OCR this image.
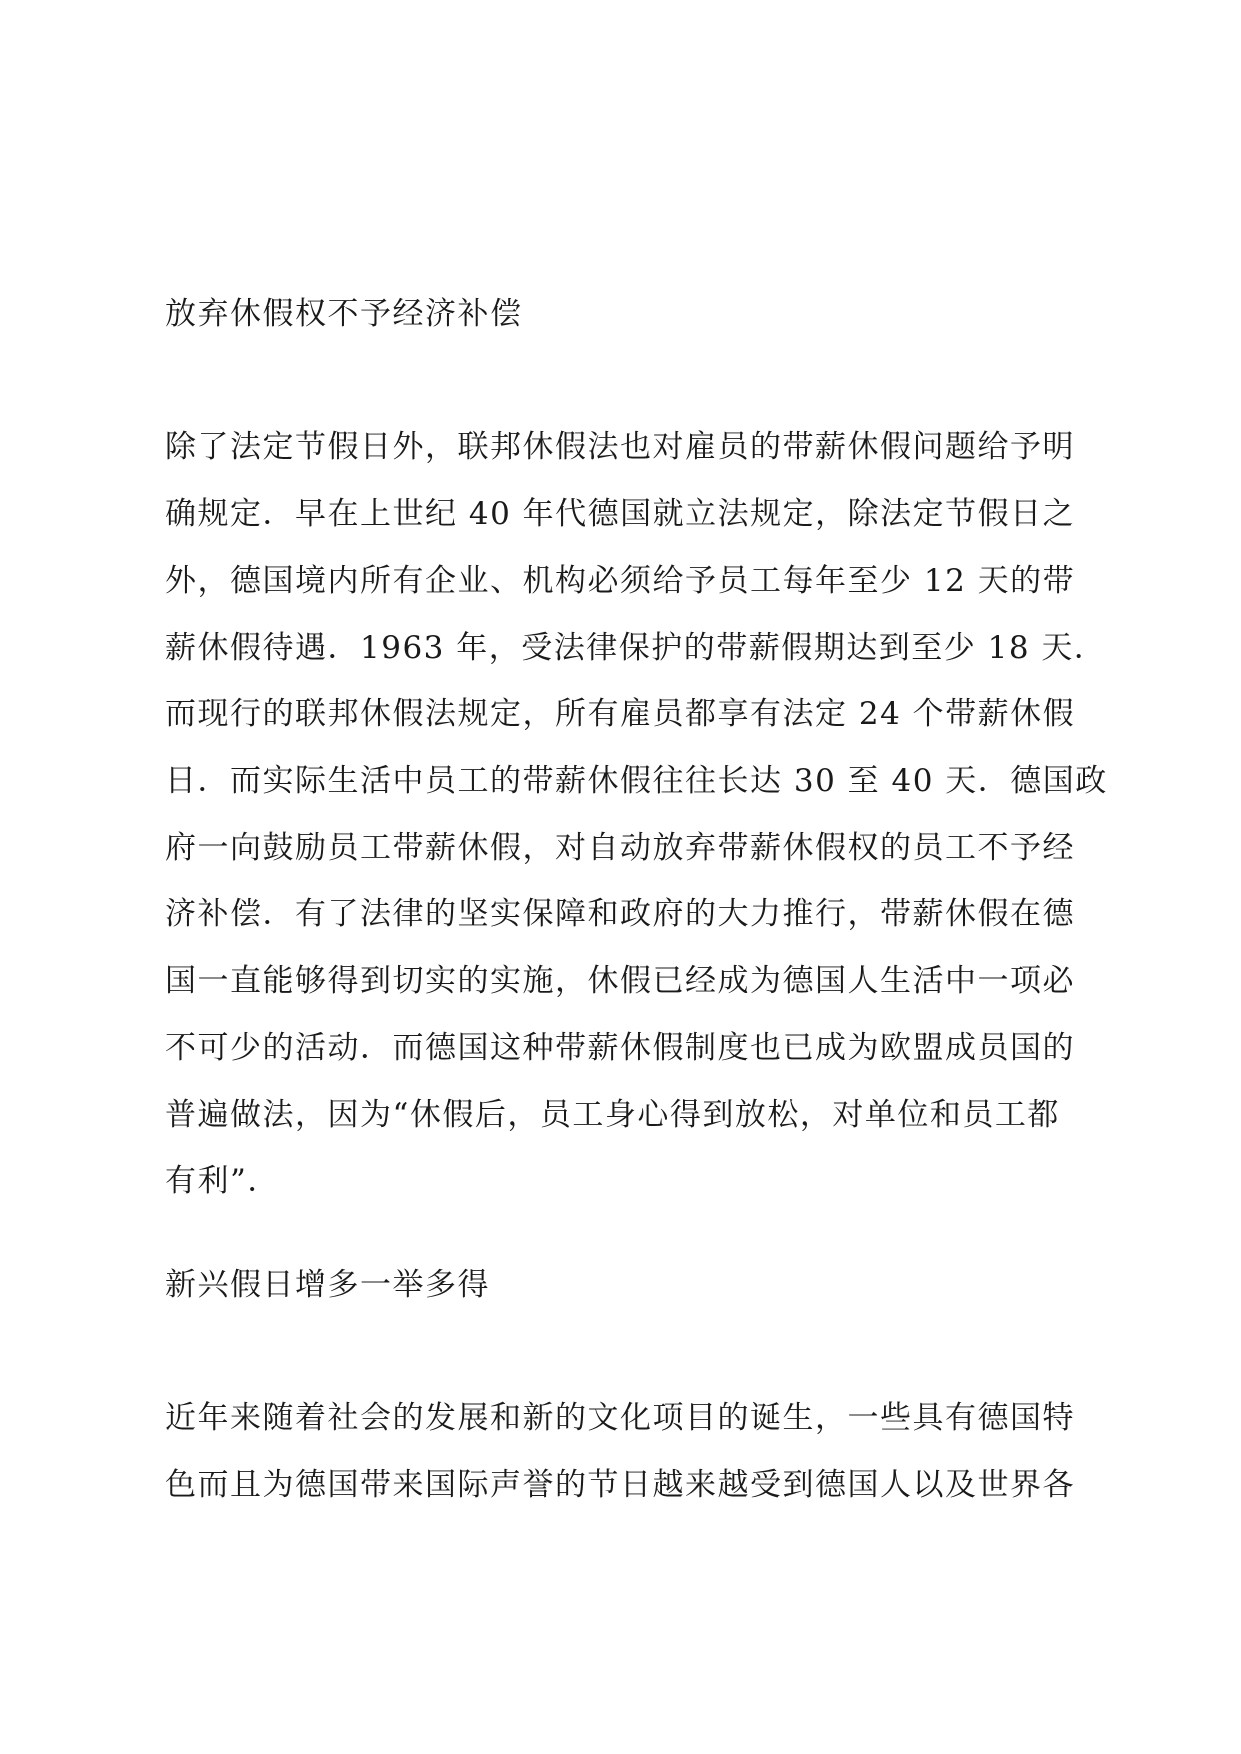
放弃休假权不予经济补偿
除了法定节假日外，联邦休假法也对雇员的带薪休假问题给予明
确规定．早在上世纪 40 年代德国就立法规定，除法定节假日之
外，德国境内所有企业、机构必须给予员工每年至少 12 天的带
薪休假待遇．1963 年，受法律保护的带薪假期达到至少 18 天．
而现行的联邦休假法规定，所有雇员都享有法定 24 个带薪休假
日．而实际生活中员工的带薪休假往往长达 30 至 40 天．德国政
府一向鼓励员工带薪休假，对自动放弃带薪休假权的员工不予经
济补偿．有了法律的坚实保障和政府的大力推行，带薪休假在德
国一直能够得到切实的实施，休假已经成为德国人生活中一项必
不可少的活动．而德国这种带薪休假制度也已成为欧盟成员国的
普遍做法，因为“休假后，员工身心得到放松，对单位和员工都
有利”．
新兴假日增多一举多得
近年来随着社会的发展和新的文化项目的诞生，一些具有德国特
色而且为德国带来国际声誉的节日越来越受到德国人以及世界各
